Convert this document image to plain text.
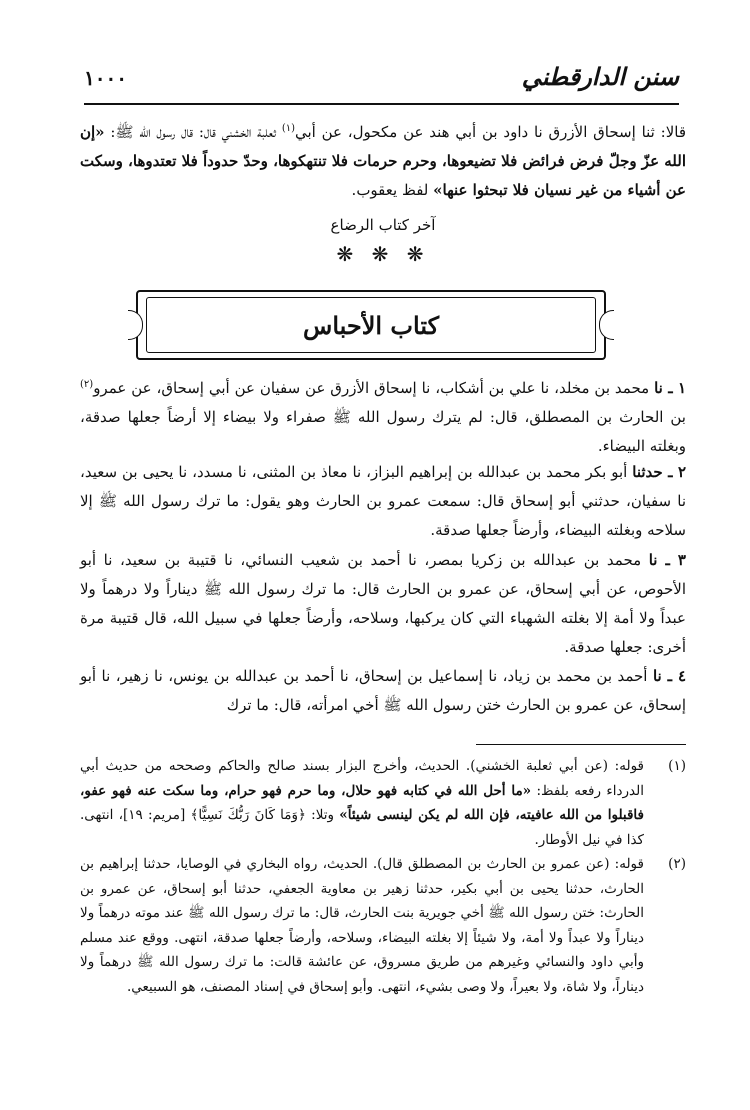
سنن الدارقطني
١٠٠٠

قالا: ثنا إسحاق الأزرق نا داود بن أبي هند عن مكحول، عن أبي$^{(١)}$ ثعلبة الخشني قال: قال رسول الله ﷺ: «إن الله عزّ وجلّ فرض فرائض فلا تضيعوها، وحرم حرمات فلا تنتهكوها، وحدّ حدوداً فلا تعتدوها، وسكت عن أشياء من غير نسيان فلا تبحثوا عنها» لفظ يعقوب.

آخر كتاب الرضاع
❋ ❋ ❋
كتاب الأحباس

١ ـ نا محمد بن مخلد، نا علي بن أشكاب، نا إسحاق الأزرق عن سفيان عن أبي إسحاق، عن عمرو$^{(٢)}$ بن الحارث بن المصطلق، قال: لم يترك رسول الله ﷺ صفراء ولا بيضاء إلا أرضاً جعلها صدقة، وبغلته البيضاء.

٢ ـ حدثنا أبو بكر محمد بن عبدالله بن إبراهيم البزاز، نا معاذ بن المثنى، نا مسدد، نا يحيى بن سعيد، نا سفيان، حدثني أبو إسحاق قال: سمعت عمرو بن الحارث وهو يقول: ما ترك رسول الله ﷺ إلا سلاحه وبغلته البيضاء، وأرضاً جعلها صدقة.

٣ ـ نا محمد بن عبدالله بن زكريا بمصر، نا أحمد بن شعيب النسائي، نا قتيبة بن سعيد، نا أبو الأحوص، عن أبي إسحاق، عن عمرو بن الحارث قال: ما ترك رسول الله ﷺ ديناراً ولا درهماً ولا عبداً ولا أمة إلا بغلته الشهباء التي كان يركبها، وسلاحه، وأرضاً جعلها في سبيل الله، قال قتيبة مرة أخرى: جعلها صدقة.

٤ ـ نا أحمد بن محمد بن زياد، نا إسماعيل بن إسحاق، نا أحمد بن عبدالله بن يونس، نا زهير، نا أبو إسحاق، عن عمرو بن الحارث ختن رسول الله ﷺ أخي امرأته، قال: ما ترك

(١)
قوله: (عن أبي ثعلبة الخشني). الحديث، وأخرج البزار بسند صالح والحاكم وصححه من حديث أبي الدرداء رفعه بلفظ: «ما أحل الله في كتابه فهو حلال، وما حرم فهو حرام، وما سكت عنه فهو عفو، فاقبلوا من الله عافيته، فإن الله لم يكن لينسى شيئاً» وتلا: ﴿وَمَا كَانَ رَبُّكَ نَسِيًّا﴾ [مريم: ١٩]، انتهى. كذا في نيل الأوطار.
(٢)
قوله: (عن عمرو بن الحارث بن المصطلق قال). الحديث، رواه البخاري في الوصايا، حدثنا إبراهيم بن الحارث، حدثنا يحيى بن أبي بكير، حدثنا زهير بن معاوية الجعفي، حدثنا أبو إسحاق، عن عمرو بن الحارث: ختن رسول الله ﷺ أخي جويرية بنت الحارث، قال: ما ترك رسول الله ﷺ عند موته درهماً ولا ديناراً ولا عبداً ولا أمة، ولا شيئاً إلا بغلته البيضاء، وسلاحه، وأرضاً جعلها صدقة، انتهى. ووقع عند مسلم وأبي داود والنسائي وغيرهم من طريق مسروق، عن عائشة قالت: ما ترك رسول الله ﷺ درهماً ولا ديناراً، ولا شاة، ولا بعيراً، ولا وصى بشيء، انتهى. وأبو إسحاق في إسناد المصنف، هو السبيعي.
